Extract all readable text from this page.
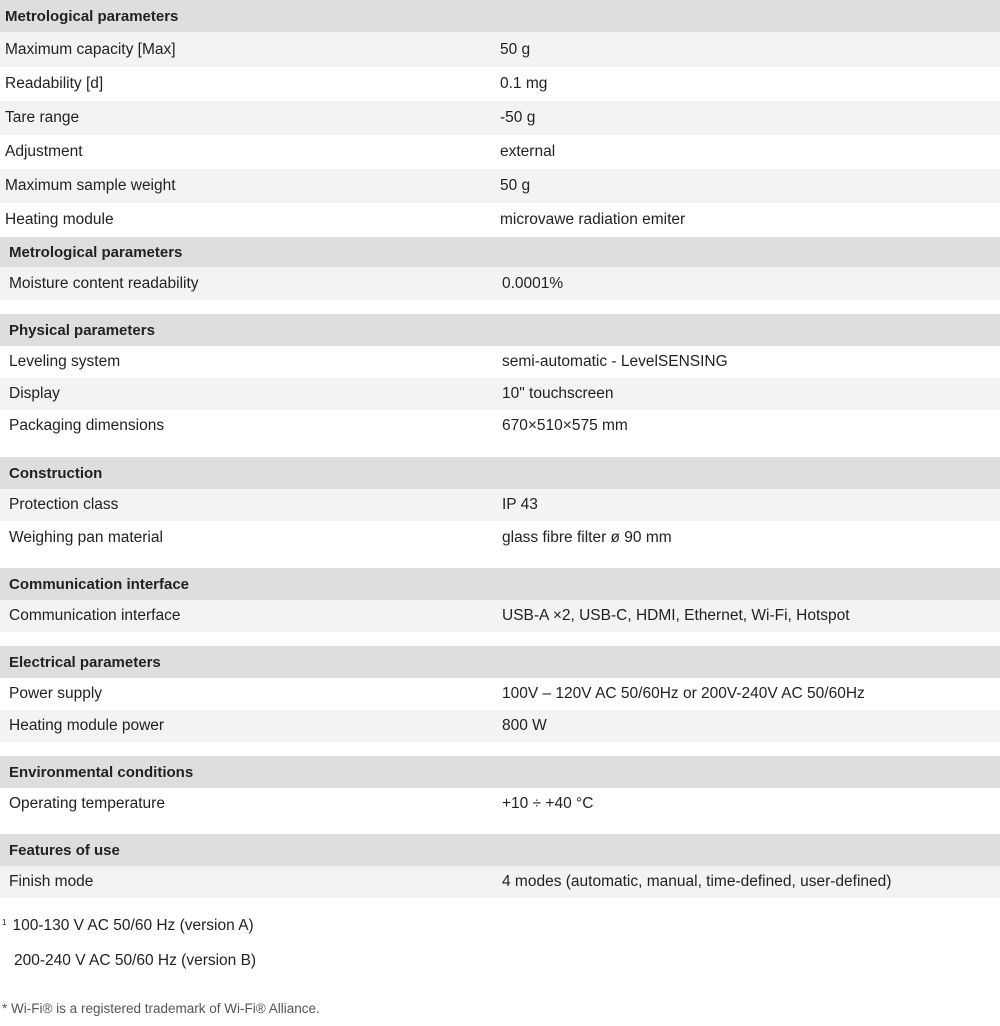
Metrological parameters
Maximum capacity [Max]	50 g
Readability [d]	0.1 mg
Tare range	-50 g
Adjustment	external
Maximum sample weight	50 g
Heating module	microvawe radiation emiter
Metrological parameters
Moisture content readability	0.0001%
Physical parameters
Leveling system	semi-automatic - LevelSENSING
Display	10" touchscreen
Packaging dimensions	670×510×575 mm
Construction
Protection class	IP 43
Weighing pan material	glass fibre filter ø 90 mm
Communication interface
Communication interface	USB-A ×2, USB-C, HDMI, Ethernet, Wi-Fi, Hotspot
Electrical parameters
Power supply	100V – 120V AC 50/60Hz or 200V-240V AC 50/60Hz
Heating module power	800 W
Environmental conditions
Operating temperature	+10 ÷ +40 °C
Features of use
Finish mode	4 modes (automatic, manual, time-defined, user-defined)
$^1$ 100-130 V AC 50/60 Hz (version A)
200-240 V AC 50/60 Hz (version B)
* Wi-Fi® is a registered trademark of Wi-Fi® Alliance.
